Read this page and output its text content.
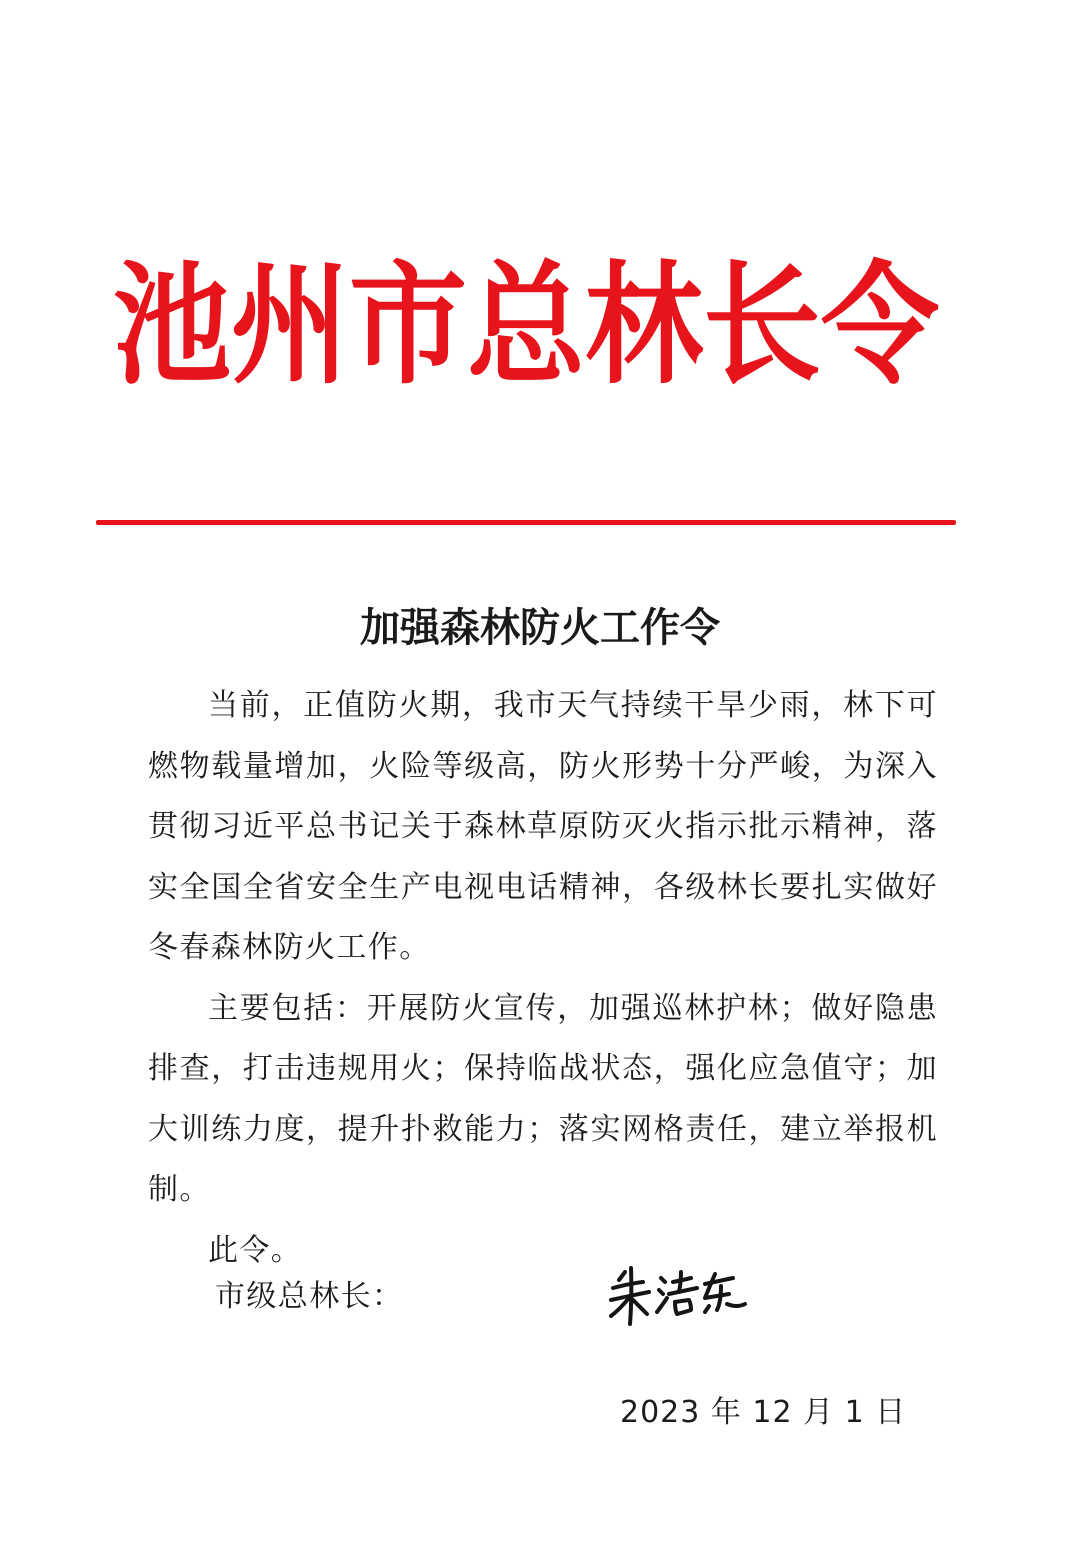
池州市总林长令
加强森林防火工作令

当前，正值防火期，我市天气持续干旱少雨，林下可燃物载量增加，火险等级高，防火形势十分严峻，为深入贯彻习近平总书记关于森林草原防灭火指示批示精神，落实全国全省安全生产电视电话精神，各级林长要扎实做好冬春森林防火工作。

主要包括：开展防火宣传，加强巡林护林；做好隐患排查，打击违规用火；保持临战状态，强化应急值守；加大训练力度，提升扑救能力；落实网格责任，建立举报机制。

此令。

市级总林长：
2023 年 12 月 1 日
